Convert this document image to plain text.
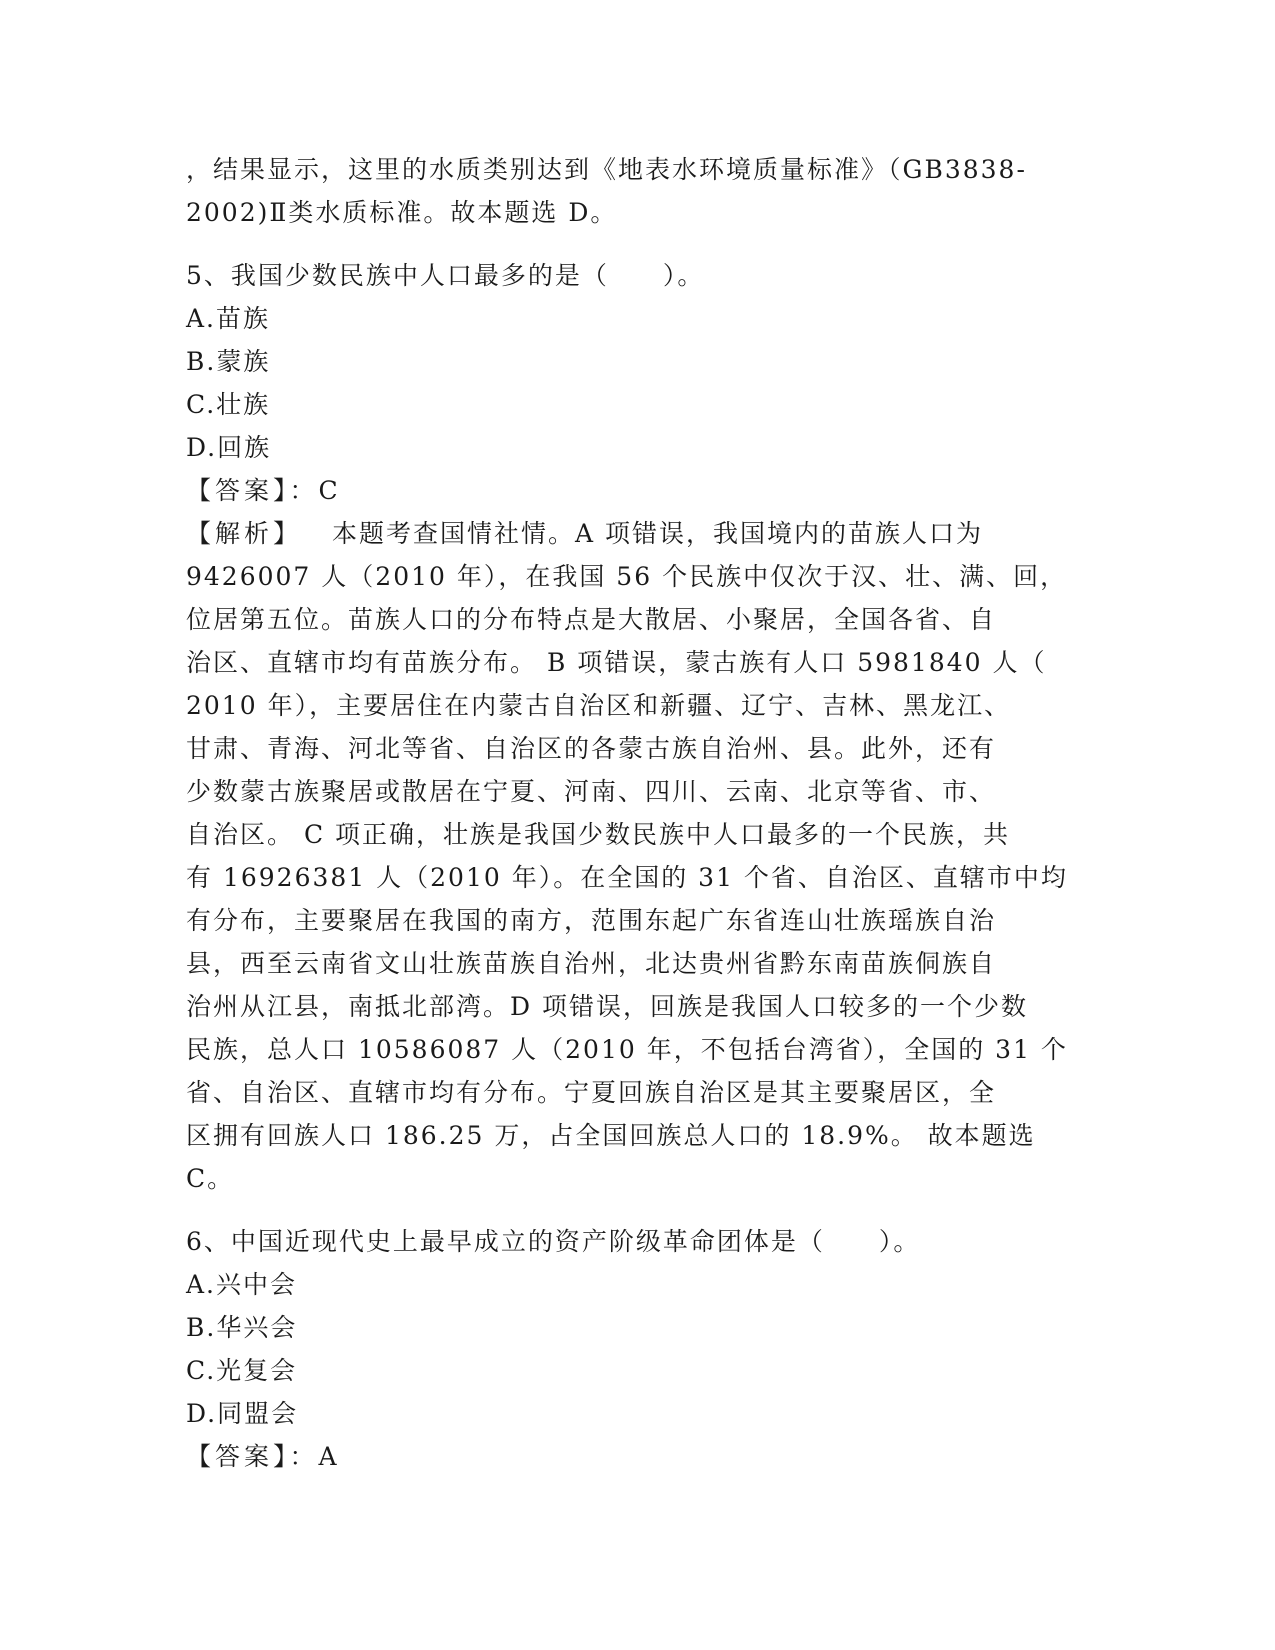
，结果显示，这里的水质类别达到《地表水环境质量标准》（GB3838-
2002)Ⅱ类水质标准。故本题选 D。
5、我国少数民族中人口最多的是（　　）。
A.苗族
B.蒙族
C.壮族
D.回族
【答案】：C
【解析】 本题考查国情社情。A 项错误，我国境内的苗族人口为
9426007 人（2010 年），在我国 56 个民族中仅次于汉、壮、满、回，
位居第五位。苗族人口的分布特点是大散居、小聚居，全国各省、自
治区、直辖市均有苗族分布。 B 项错误，蒙古族有人口 5981840 人（
2010 年），主要居住在内蒙古自治区和新疆、辽宁、吉林、黑龙江、
甘肃、青海、河北等省、自治区的各蒙古族自治州、县。此外，还有
少数蒙古族聚居或散居在宁夏、河南、四川、云南、北京等省、市、
自治区。 C 项正确，壮族是我国少数民族中人口最多的一个民族，共
有 16926381 人（2010 年）。在全国的 31 个省、自治区、直辖市中均
有分布，主要聚居在我国的南方，范围东起广东省连山壮族瑶族自治
县，西至云南省文山壮族苗族自治州，北达贵州省黔东南苗族侗族自
治州从江县，南抵北部湾。D 项错误，回族是我国人口较多的一个少数
民族，总人口 10586087 人（2010 年，不包括台湾省），全国的 31 个
省、自治区、直辖市均有分布。宁夏回族自治区是其主要聚居区，全
区拥有回族人口 186.25 万，占全国回族总人口的 18.9%。 故本题选
C。
6、中国近现代史上最早成立的资产阶级革命团体是（　　）。
A.兴中会
B.华兴会
C.光复会
D.同盟会
【答案】：A
